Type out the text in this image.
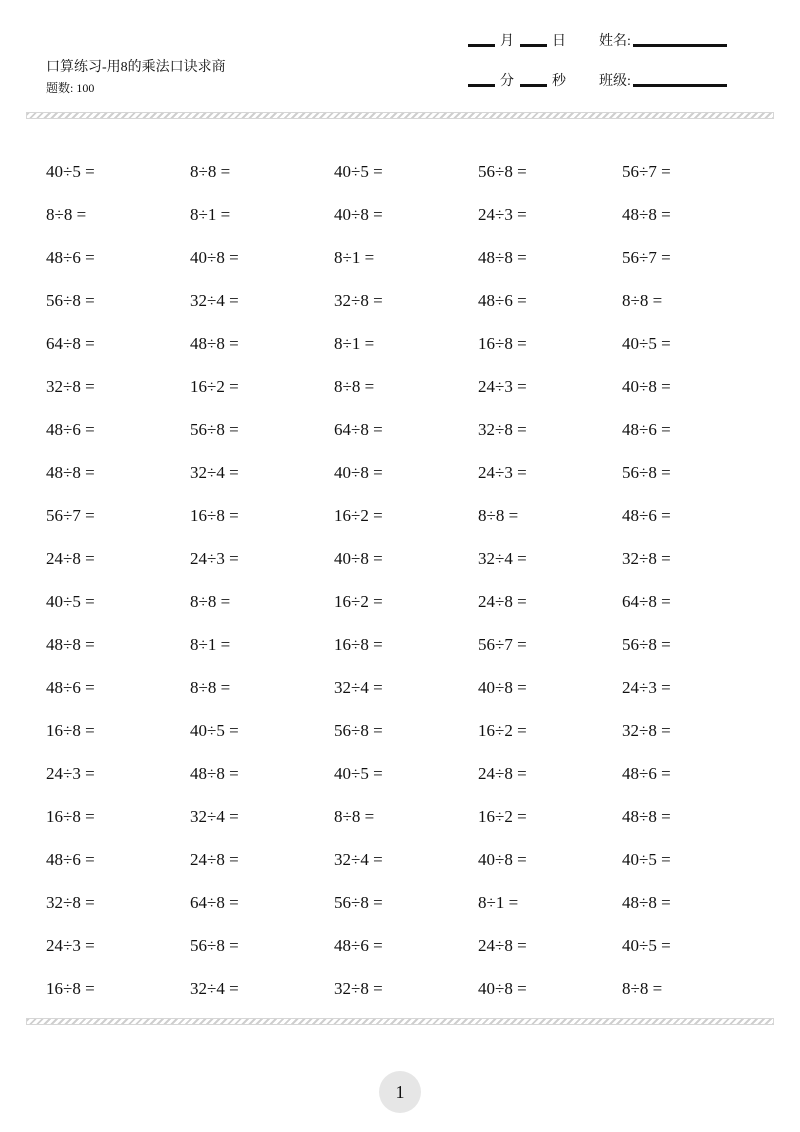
口算练习-用8的乘法口诀求商
题数: 100
月	日
分	秒
姓名:
班级:
40÷5 =	8÷8 =	40÷5 =	56÷8 =	56÷7 =
8÷8 =	8÷1 =	40÷8 =	24÷3 =	48÷8 =
48÷6 =	40÷8 =	8÷1 =	48÷8 =	56÷7 =
56÷8 =	32÷4 =	32÷8 =	48÷6 =	8÷8 =
64÷8 =	48÷8 =	8÷1 =	16÷8 =	40÷5 =
32÷8 =	16÷2 =	8÷8 =	24÷3 =	40÷8 =
48÷6 =	56÷8 =	64÷8 =	32÷8 =	48÷6 =
48÷8 =	32÷4 =	40÷8 =	24÷3 =	56÷8 =
56÷7 =	16÷8 =	16÷2 =	8÷8 =	48÷6 =
24÷8 =	24÷3 =	40÷8 =	32÷4 =	32÷8 =
40÷5 =	8÷8 =	16÷2 =	24÷8 =	64÷8 =
48÷8 =	8÷1 =	16÷8 =	56÷7 =	56÷8 =
48÷6 =	8÷8 =	32÷4 =	40÷8 =	24÷3 =
16÷8 =	40÷5 =	56÷8 =	16÷2 =	32÷8 =
24÷3 =	48÷8 =	40÷5 =	24÷8 =	48÷6 =
16÷8 =	32÷4 =	8÷8 =	16÷2 =	48÷8 =
48÷6 =	24÷8 =	32÷4 =	40÷8 =	40÷5 =
32÷8 =	64÷8 =	56÷8 =	8÷1 =	48÷8 =
24÷3 =	56÷8 =	48÷6 =	24÷8 =	40÷5 =
16÷8 =	32÷4 =	32÷8 =	40÷8 =	8÷8 =
1
